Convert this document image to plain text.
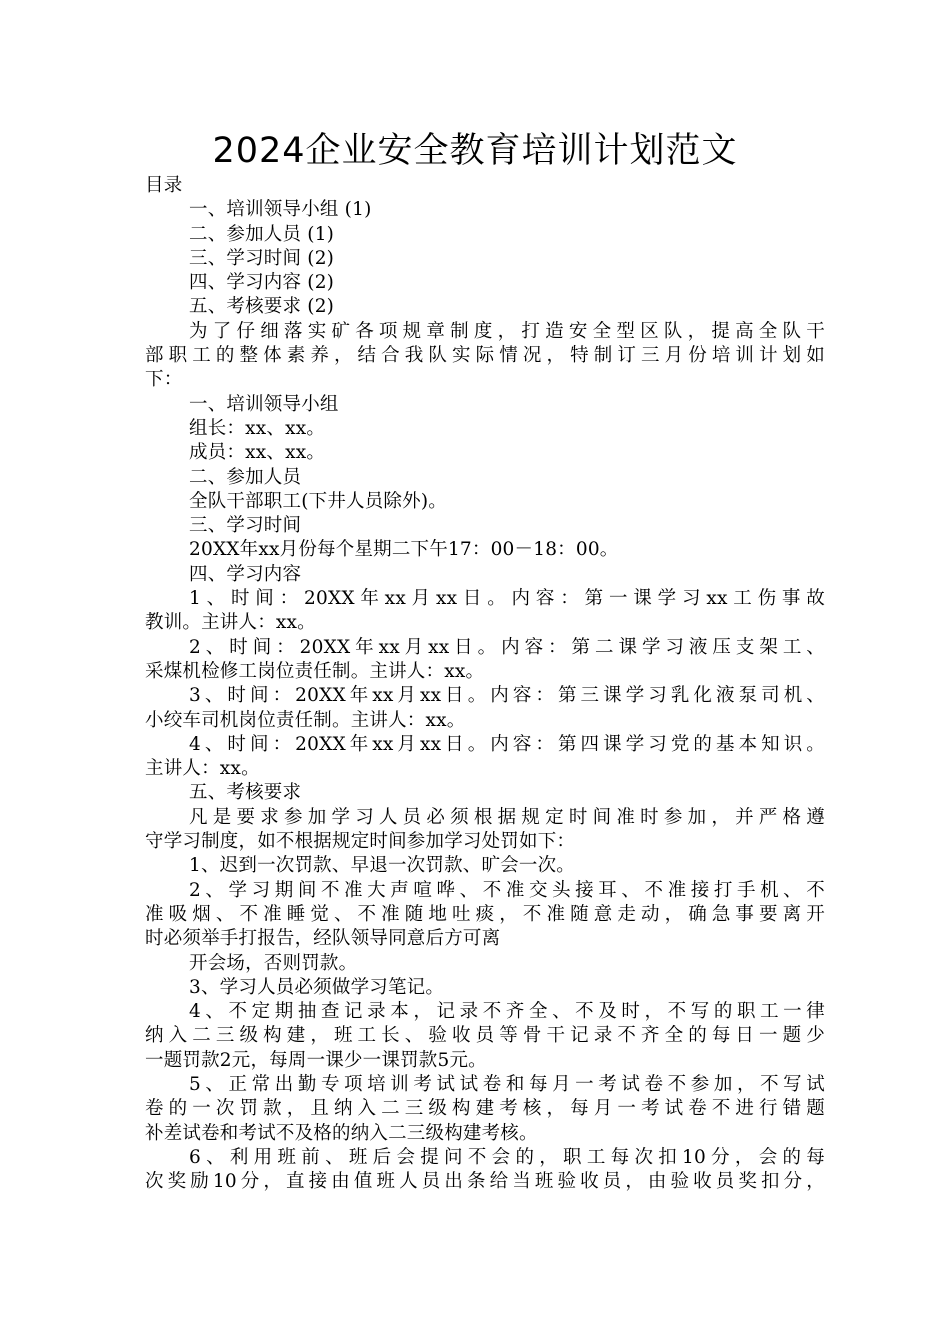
2024企业安全教育培训计划范文
目录
一、培训领导小组 (1)
二、参加人员 (1)
三、学习时间 (2)
四、学习内容 (2)
五、考核要求 (2)
为了仔细落实矿各项规章制度，打造安全型区队，提高全队干
部职工的整体素养，结合我队实际情况，特制订三月份培训计划如
下：
一、培训领导小组
组长：xx、xx。
成员：xx、xx。
二、参加人员
全队干部职工(下井人员除外)。
三、学习时间
20XX年xx月份每个星期二下午17：00－18：00。
四、学习内容
1、时间：20XX年xx月xx日。内容：第一课学习xx工伤事故
教训。主讲人：xx。
2、时间：20XX年xx月xx日。内容：第二课学习液压支架工、
采煤机检修工岗位责任制。主讲人：xx。
3、时间：20XX年xx月xx日。内容：第三课学习乳化液泵司机、
小绞车司机岗位责任制。主讲人：xx。
4、时间：20XX年xx月xx日。内容：第四课学习党的基本知识。
主讲人：xx。
五、考核要求
凡是要求参加学习人员必须根据规定时间准时参加，并严格遵
守学习制度，如不根据规定时间参加学习处罚如下：
1、迟到一次罚款、早退一次罚款、旷会一次。
2、学习期间不准大声喧哗、不准交头接耳、不准接打手机、不
准吸烟、不准睡觉、不准随地吐痰，不准随意走动，确急事要离开
时必须举手打报告，经队领导同意后方可离
开会场，否则罚款。
3、学习人员必须做学习笔记。
4、不定期抽查记录本，记录不齐全、不及时，不写的职工一律
纳入二三级构建，班工长、验收员等骨干记录不齐全的每日一题少
一题罚款2元，每周一课少一课罚款5元。
5、正常出勤专项培训考试试卷和每月一考试卷不参加，不写试
卷的一次罚款，且纳入二三级构建考核，每月一考试卷不进行错题
补差试卷和考试不及格的纳入二三级构建考核。
6、利用班前、班后会提问不会的，职工每次扣10分，会的每
次奖励10分，直接由值班人员出条给当班验收员，由验收员奖扣分，
